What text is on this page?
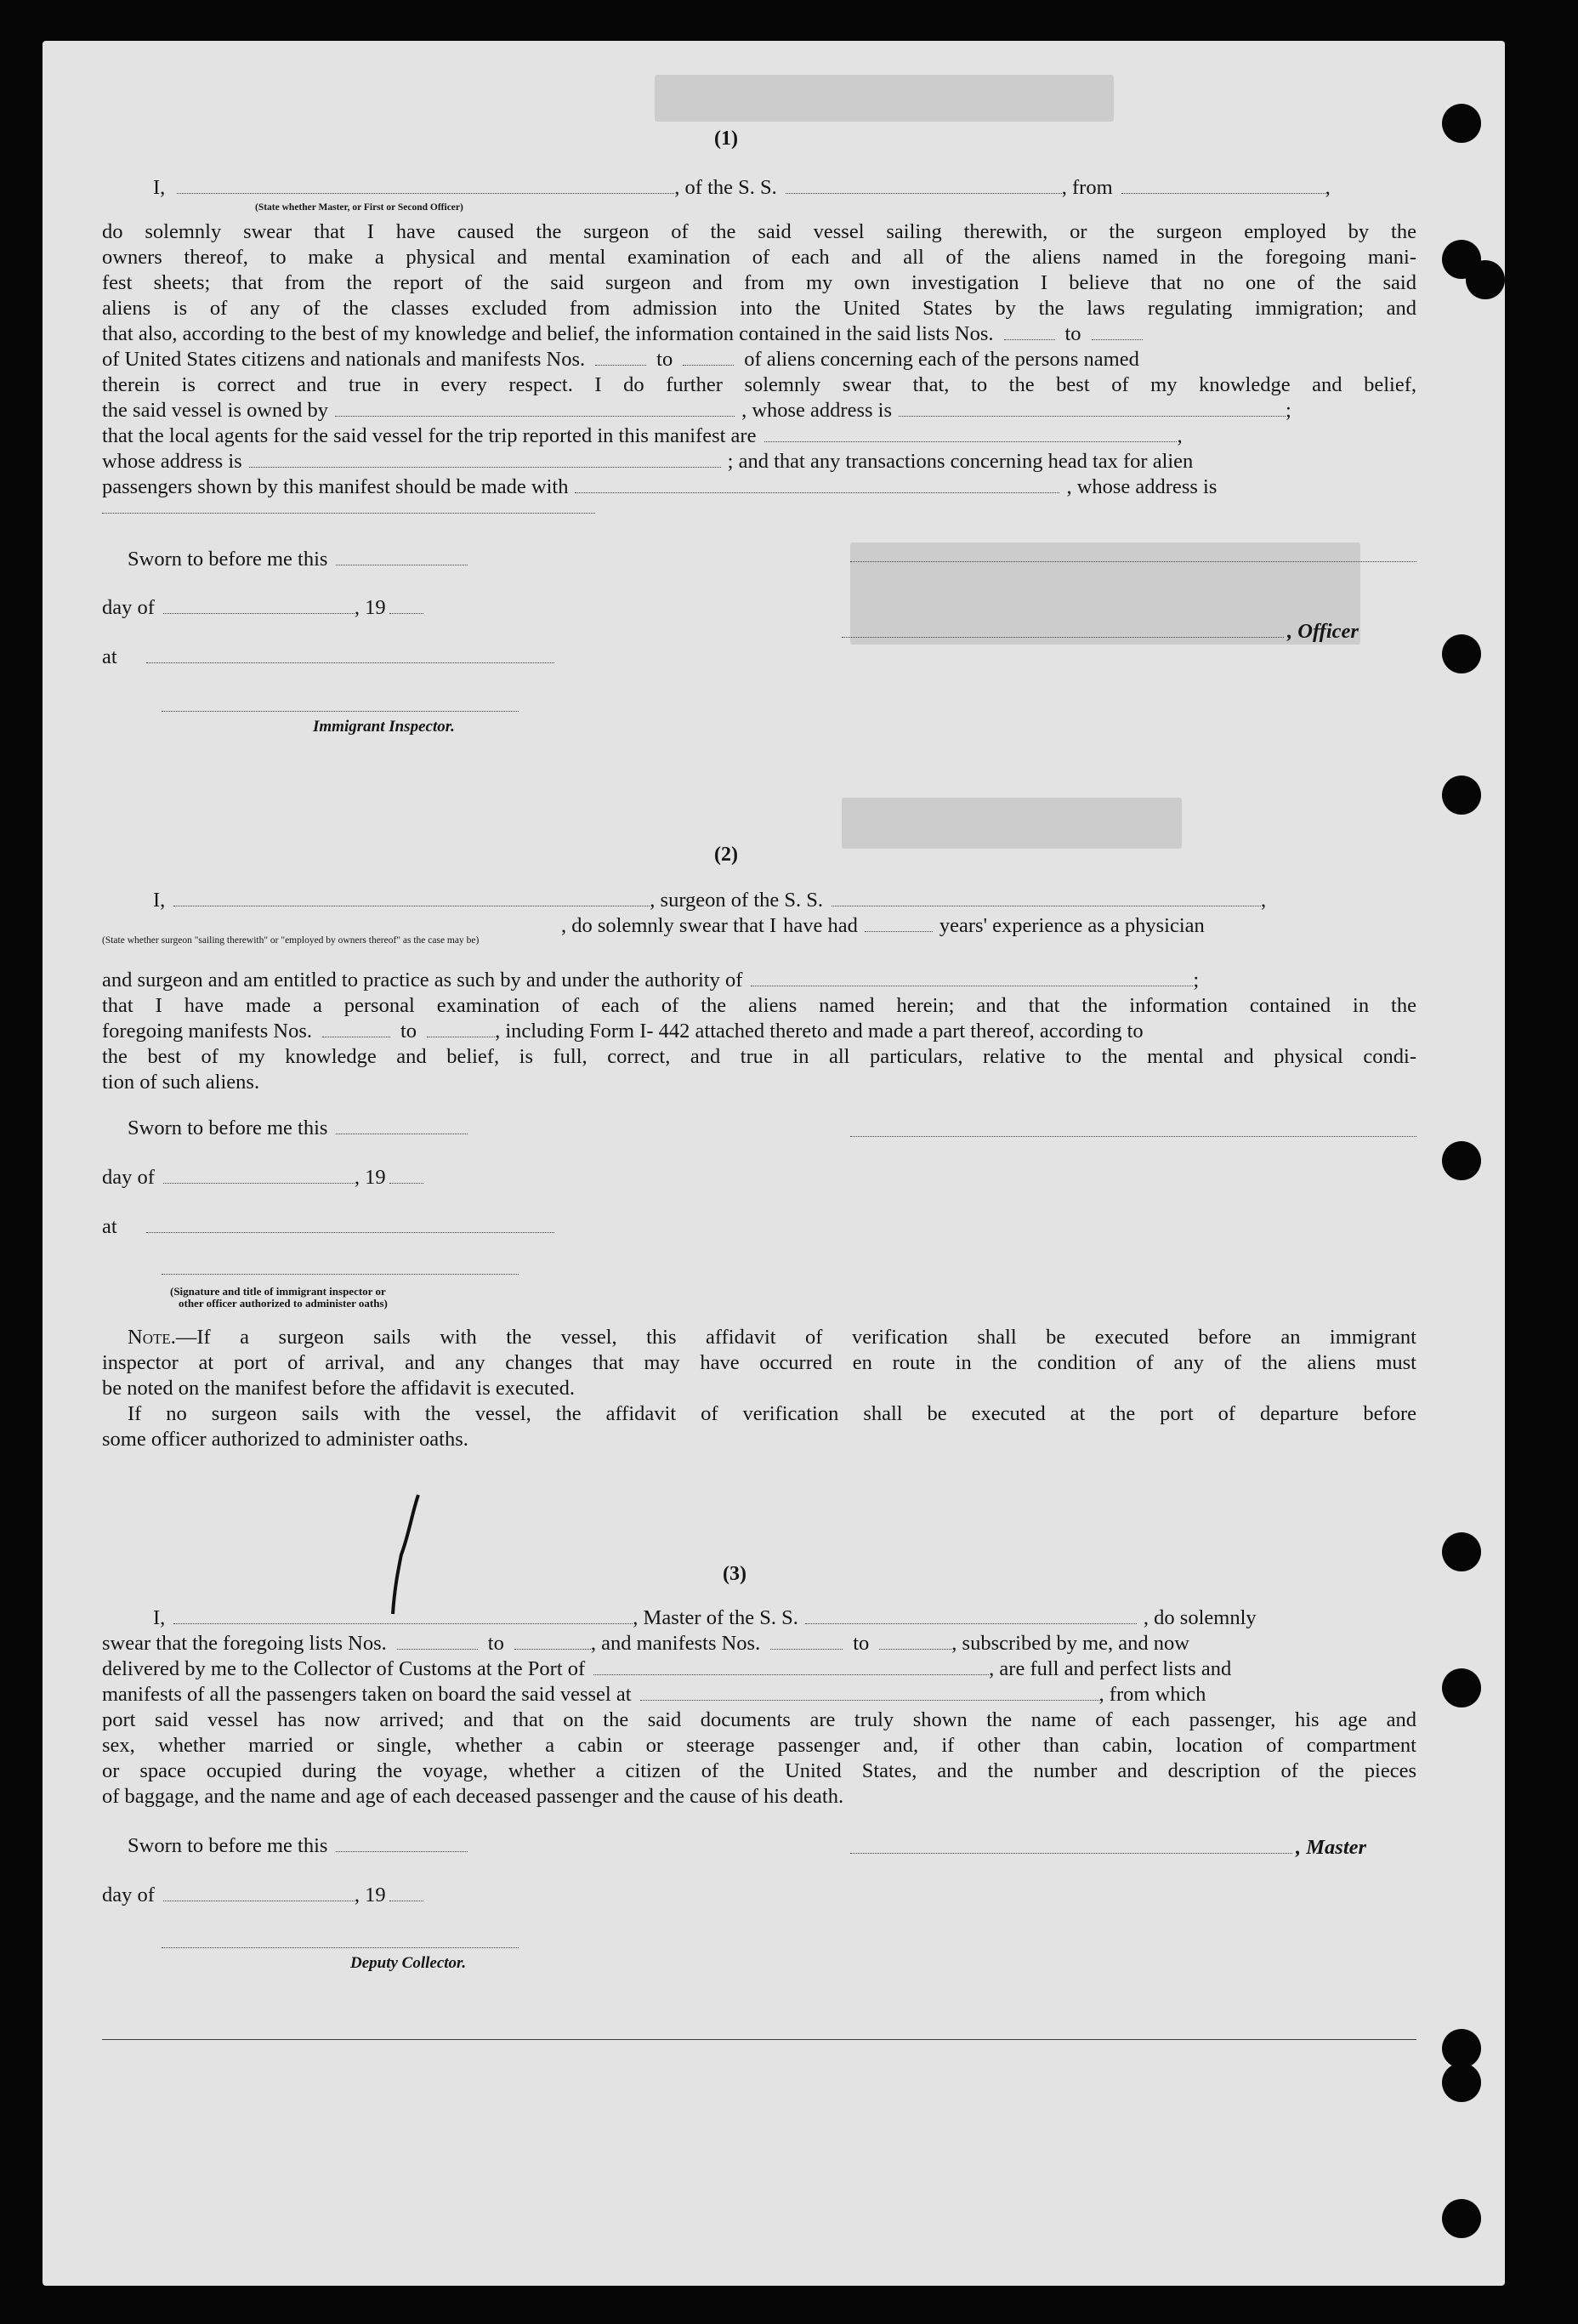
(1)
I,	, of the S. S.	, from	,
(State whether Master, or First or Second Officer)
do solemnly swear that I have caused the surgeon of the said vessel sailing therewith, or the surgeon employed by the
owners thereof, to make a physical and mental examination of each and all of the aliens named in the foregoing mani-
fest sheets; that from the report of the said surgeon and from my own investigation I believe that no one of the said
aliens is of any of the classes excluded from admission into the United States by the laws regulating immigration; and
that also, according to the best of my knowledge and belief, the information contained in the said lists Nos.	to
of United States citizens and nationals and manifests Nos.	to	of aliens concerning each of the persons named
therein is correct and true in every respect. I do further solemnly swear that, to the best of my knowledge and belief,
the said vessel is owned by	, whose address is	;
that the local agents for the said vessel for the trip reported in this manifest are	,
whose address is	; and that any transactions concerning head tax for alien
passengers shown by this manifest should be made with	, whose address is
Sworn to before me this
day of	, 19
, Officer
at
Immigrant Inspector.
(2)
I,	, surgeon of the S. S.	,
, do solemnly swear that I have had	years' experience as a physician
(State whether surgeon "sailing therewith" or "employed by owners thereof" as the case may be)
and surgeon and am entitled to practice as such by and under the authority of	;
that I have made a personal examination of each of the aliens named herein; and that the information contained in the
foregoing manifests Nos.	to	, including Form I- 442 attached thereto and made a part thereof, according to
the best of my knowledge and belief, is full, correct, and true in all particulars, relative to the mental and physical condi-
tion of such aliens.
Sworn to before me this
day of	, 19
at
(Signature and title of immigrant inspector or
other officer authorized to administer oaths)
Note.—If a surgeon sails with the vessel, this affidavit of verification shall be executed before an immigrant
inspector at port of arrival, and any changes that may have occurred en route in the condition of any of the aliens must
be noted on the manifest before the affidavit is executed.
If no surgeon sails with the vessel, the affidavit of verification shall be executed at the port of departure before
some officer authorized to administer oaths.
(3)
I,	, Master of the S. S.	, do solemnly
swear that the foregoing lists Nos.	to	, and manifests Nos.	to	, subscribed by me, and now
delivered by me to the Collector of Customs at the Port of	, are full and perfect lists and
manifests of all the passengers taken on board the said vessel at	, from which
port said vessel has now arrived; and that on the said documents are truly shown the name of each passenger, his age and
sex, whether married or single, whether a cabin or steerage passenger and, if other than cabin, location of compartment
or space occupied during the voyage, whether a citizen of the United States, and the number and description of the pieces
of baggage, and the name and age of each deceased passenger and the cause of his death.
Sworn to before me this	, Master
day of	, 19
Deputy Collector.
